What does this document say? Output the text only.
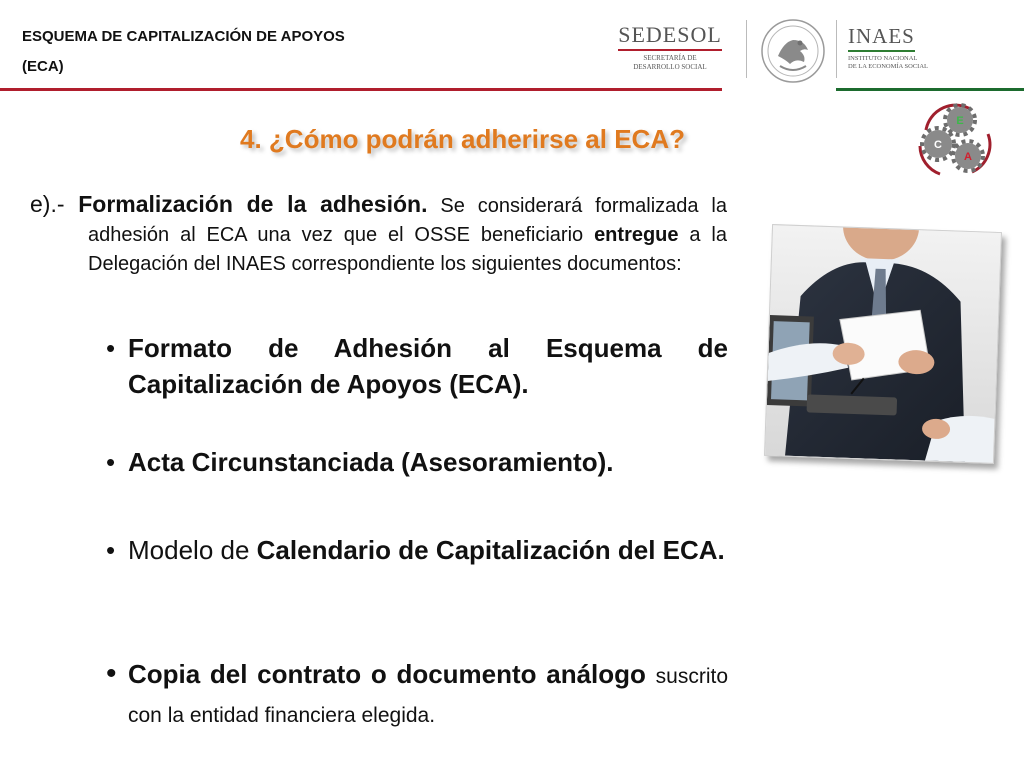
ESQUEMA DE CAPITALIZACIÓN DE APOYOS
(ECA)
SEDESOL
SECRETARÍA DE
DESARROLLO SOCIAL
INAES
INSTITUTO NACIONAL
DE LA ECONOMÍA SOCIAL
E
C
A
4. ¿Cómo podrán adherirse al ECA?
e).- Formalización de la adhesión. Se considerará formalizada la adhesión al ECA una vez que el OSSE beneficiario entregue a la Delegación del INAES correspondiente los siguientes documentos:
• Formato de Adhesión al Esquema de Capitalización de Apoyos (ECA).
• Acta Circunstanciada (Asesoramiento).
• Modelo de Calendario de Capitalización del ECA.
• Copia del contrato o documento análogo suscrito con la entidad financiera elegida.
